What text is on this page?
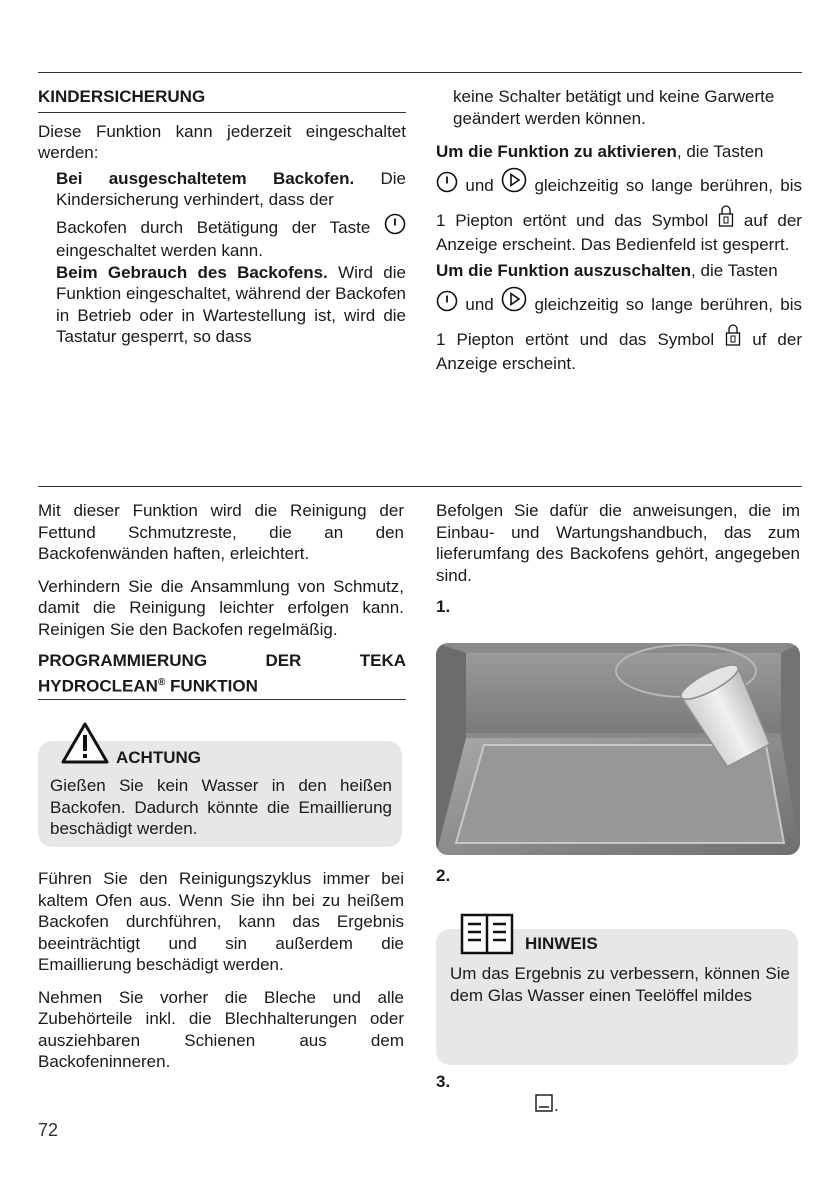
KINDERSICHERUNG

Diese Funktion kann jederzeit eingeschaltet werden:

Bei ausgeschaltetem Backofen. Die Kindersicherung verhindert, dass der

Backofen durch Betätigung der Taste

eingeschaltet werden kann.

Beim Gebrauch des Backofens. Wird die Funktion eingeschaltet, während der Backofen in Betrieb oder in Wartestellung ist, wird die Tastatur gesperrt, so dass

keine Schalter betätigt und keine Garwerte geändert werden können.

Um die Funktion zu aktivieren, die Tasten

und gleichzeitig so lange berühren, bis

1 Piepton ertönt und das Symbol auf der

Anzeige erscheint. Das Bedienfeld ist gesperrt.

Um die Funktion auszuschalten, die Tasten

und gleichzeitig so lange berühren, bis

1 Piepton ertönt und das Symbol uf der

Anzeige erscheint.

Mit dieser Funktion wird die Reinigung der Fettund Schmutzreste, die an den Backofenwänden haften, erleichtert.

Verhindern Sie die Ansammlung von Schmutz, damit die Reinigung leichter erfolgen kann. Reinigen Sie den Backofen regelmäßig.

PROGRAMMIERUNG DER TEKA
HYDROCLEAN® FUNKTION
ACHTUNG

Gießen Sie kein Wasser in den heißen Backofen. Dadurch könnte die Emaillierung beschädigt werden.

Führen Sie den Reinigungszyklus immer bei kaltem Ofen aus. Wenn Sie ihn bei zu heißem Backofen durchführen, kann das Ergebnis beeinträchtigt und sin außerdem die Emaillierung beschädigt werden.

Nehmen Sie vorher die Bleche und alle Zubehörteile inkl. die Blechhalterungen oder ausziehbaren Schienen aus dem Backofeninneren.

Befolgen Sie dafür die anweisungen, die im Einbau- und Wartungshandbuch, das zum lieferumfang des Backofens gehört, angegeben sind.

1.
2.
HINWEIS

Um das Ergebnis zu verbessern, können Sie dem Glas Wasser einen Teelöffel mildes

3.
.
72
